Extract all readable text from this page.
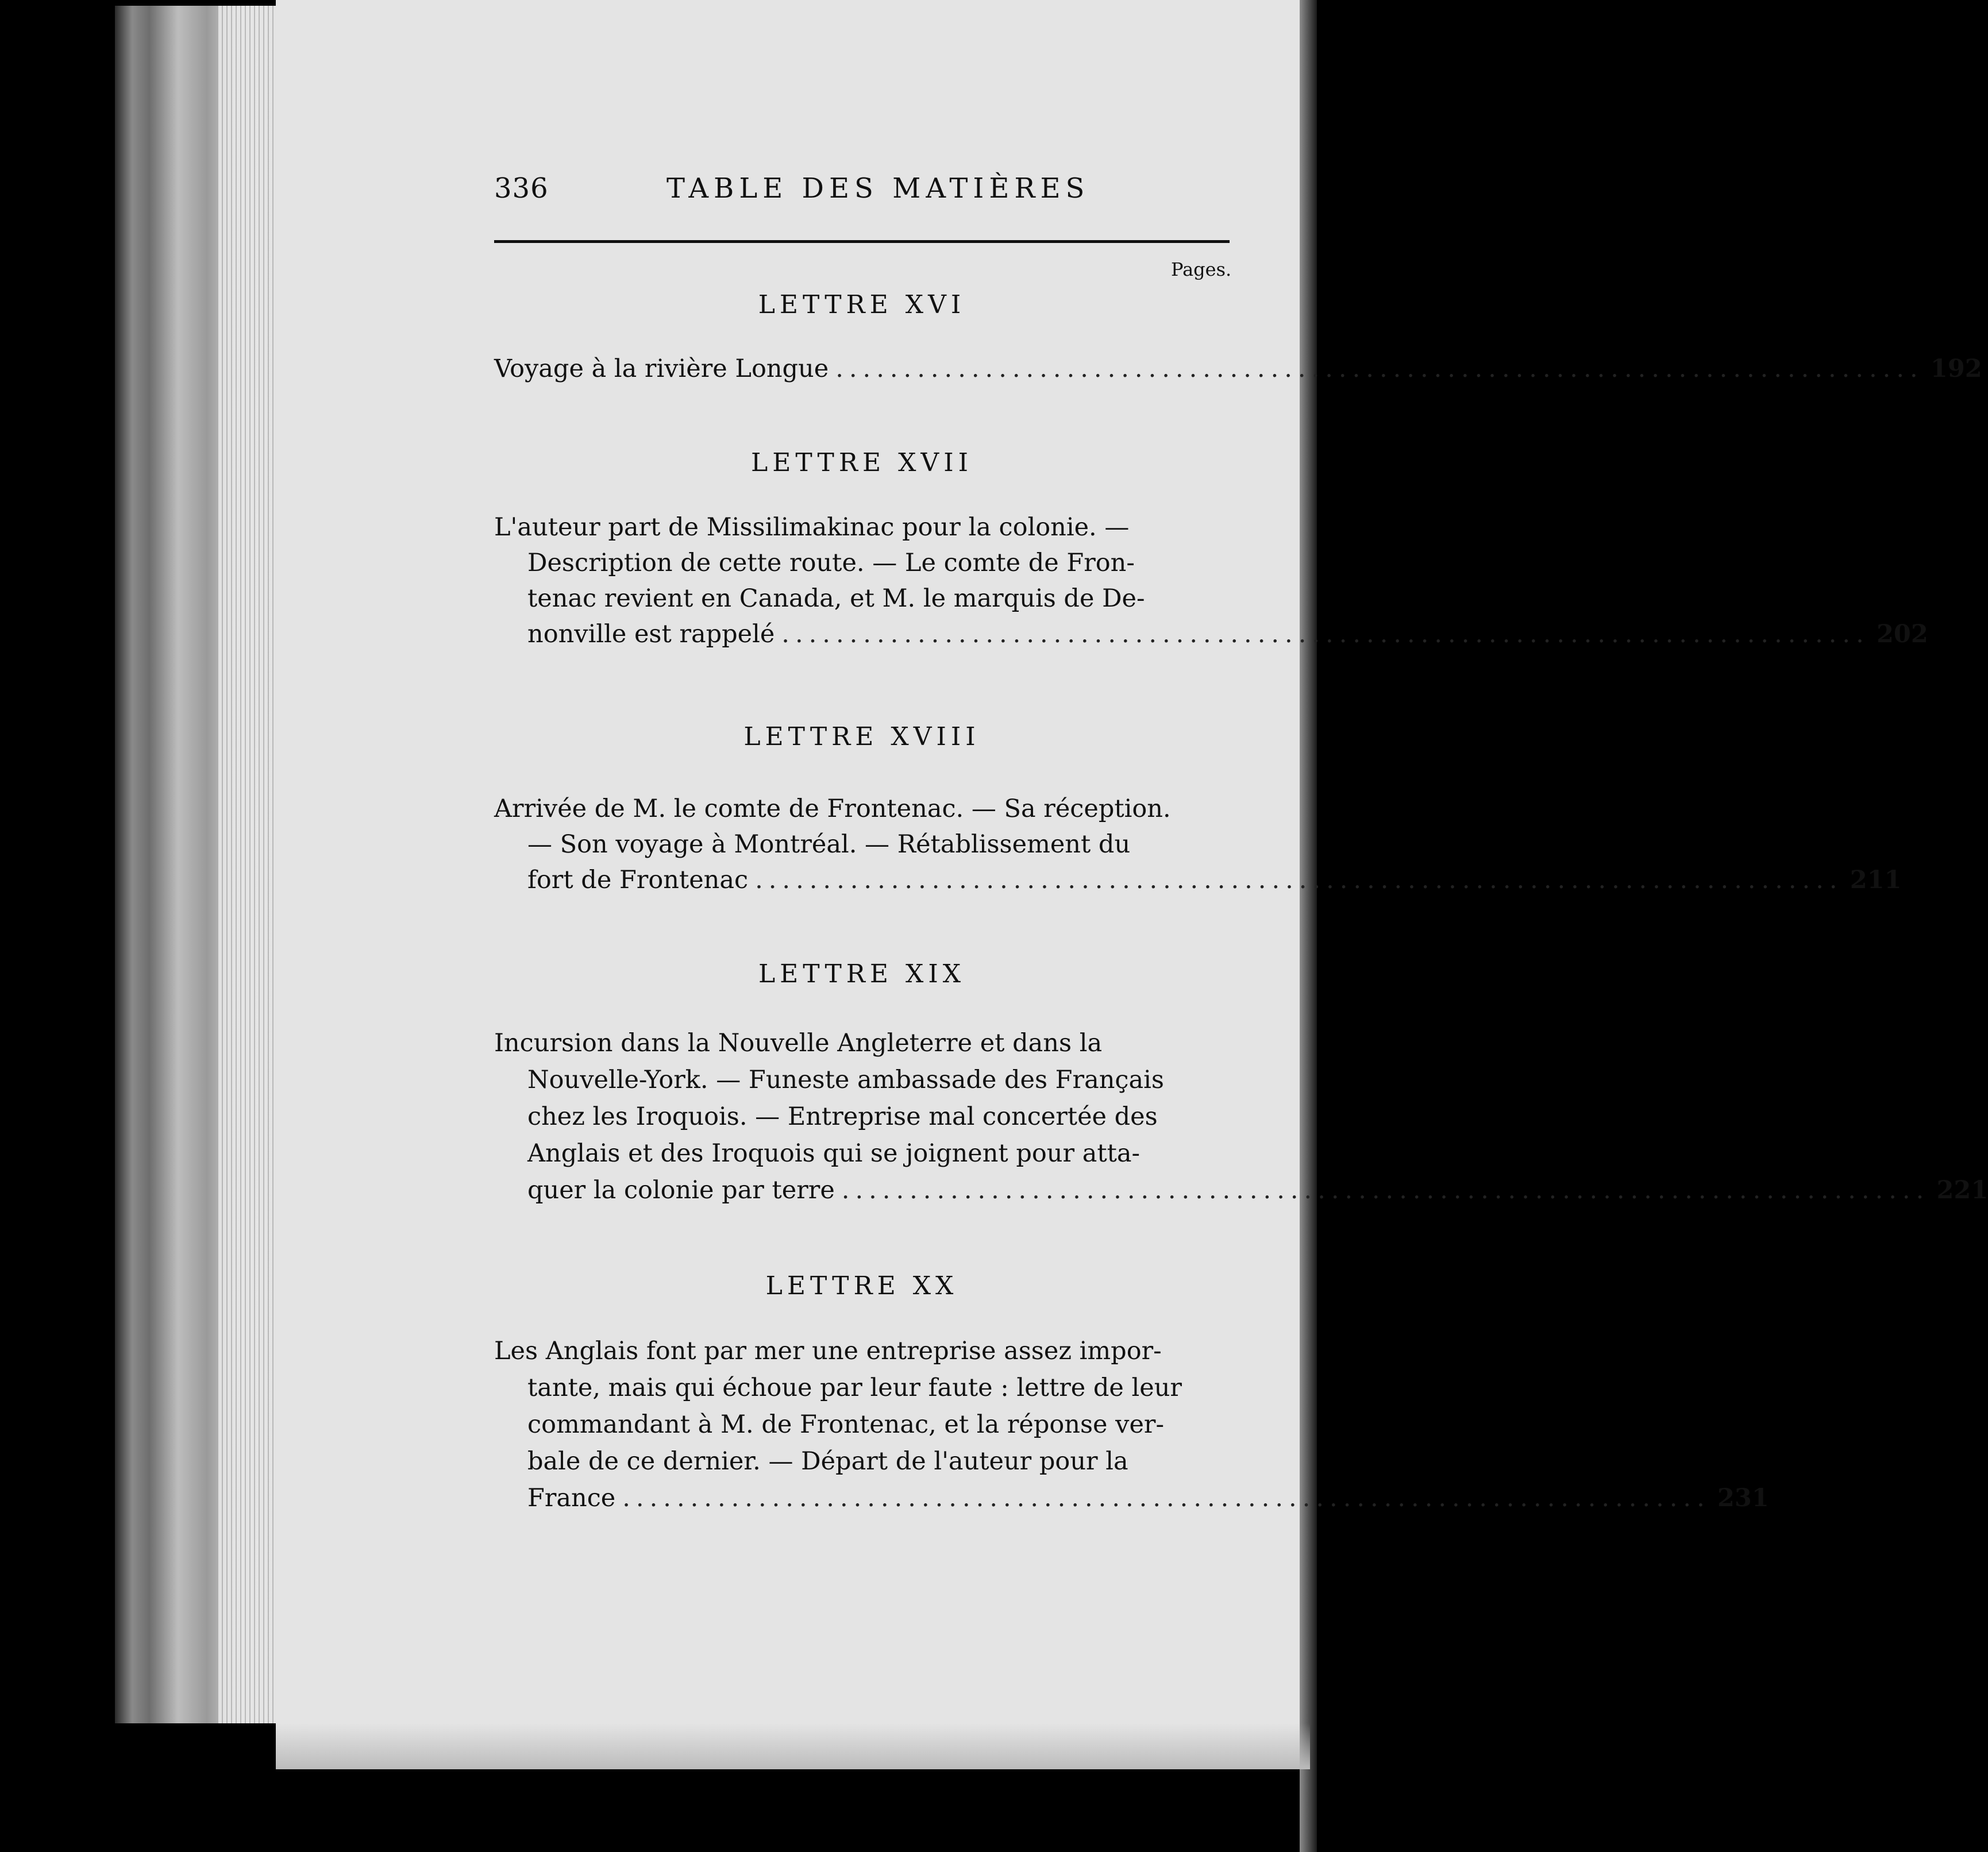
336	TABLE DES MATIÈRES
Pages.
LETTRE XVI
Voyage à la rivière Longue ................................................................................ 192
LETTRE XVII
L'auteur part de Missilimakinac pour la colonie. —
Description de cette route. — Le comte de Fron-
tenac revient en Canada, et M. le marquis de De-
nonville est rappelé ................................................................................ 202
LETTRE XVIII
Arrivée de M. le comte de Frontenac. — Sa réception.
— Son voyage à Montréal. — Rétablissement du
fort de Frontenac ................................................................................ 211
LETTRE XIX
Incursion dans la Nouvelle Angleterre et dans la
Nouvelle-York. — Funeste ambassade des Français
chez les Iroquois. — Entreprise mal concertée des
Anglais et des Iroquois qui se joignent pour atta-
quer la colonie par terre ................................................................................ 221
LETTRE XX
Les Anglais font par mer une entreprise assez impor-
tante, mais qui échoue par leur faute : lettre de leur
commandant à M. de Frontenac, et la réponse ver-
bale de ce dernier. — Départ de l'auteur pour la
France ................................................................................ 231
